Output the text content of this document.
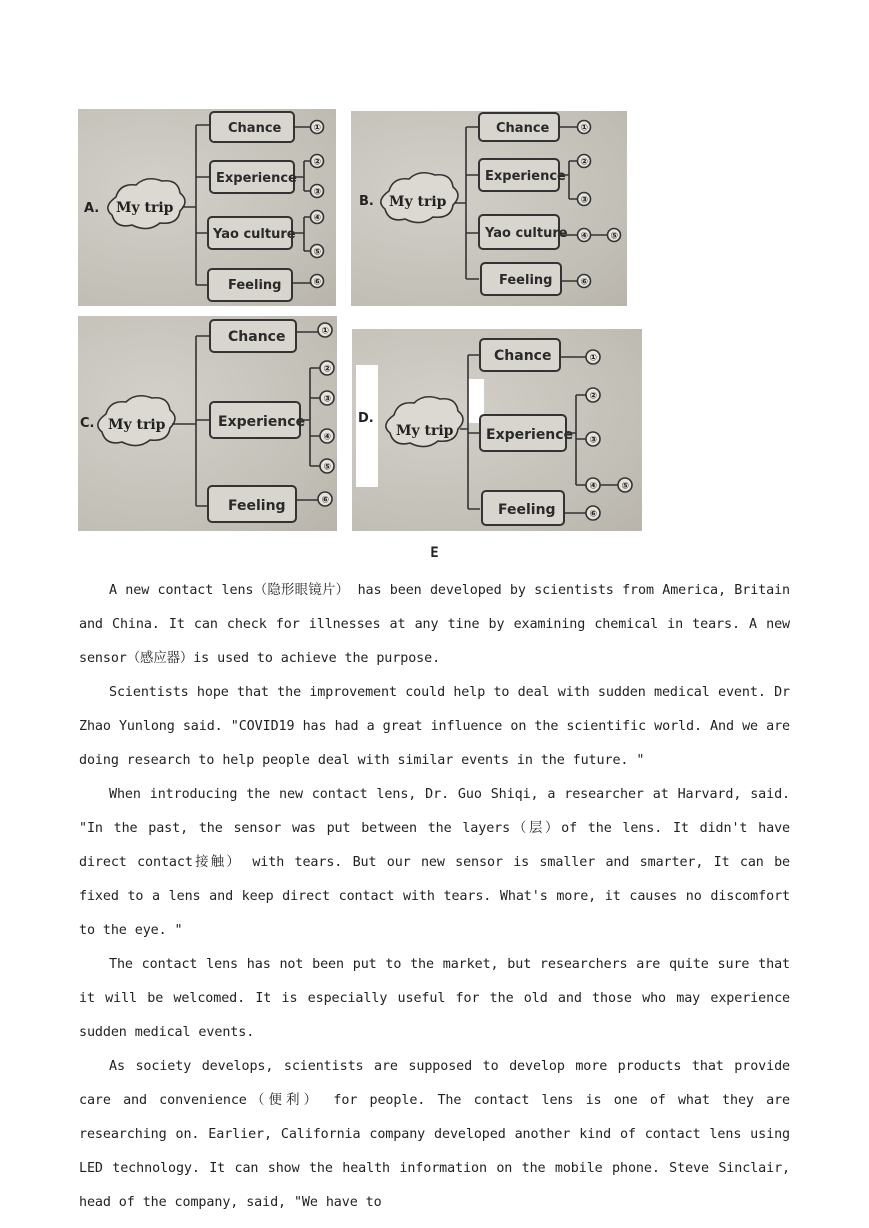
A. My trip
Chance
Experience
Yao culture
Feeling
①
②
③
④
⑤
⑥
B. My trip
Chance
Experience
Yao culture
Feeling
①
②
③
④ ⑤
⑥
C. My trip
Chance
Experience
Feeling
①
②
③
④
⑤
⑥
D.
My trip
Chance
Experience
Feeling
①
②
③
④	⑤
⑥
E

A new contact lens（隐形眼镜片） has been developed by scientists from America, Britain and China. It can check for illnesses at any tine by examining chemical in tears. A new sensor（感应器）is used to achieve the purpose.

Scientists hope that the improvement could help to deal with sudden medical event. Dr Zhao Yunlong said. "COVID19 has had a great influence on the scientific world. And we are doing research to help people deal with similar events in the future. "

When introducing the new contact lens, Dr. Guo Shiqi, a researcher at Harvard, said. "In the past, the sensor was put between the layers（层）of the lens. It didn't have direct contact接触） with tears. But our new sensor is smaller and smarter, It can be fixed to a lens and keep direct contact with tears. What's more, it causes no discomfort to the eye. "

The contact lens has not been put to the market, but researchers are quite sure that it will be welcomed. It is especially useful for the old and those who may experience sudden medical events.

As society develops, scientists are supposed to develop more products that provide care and convenience（便利） for people. The contact lens is one of what they are researching on. Earlier, California company developed another kind of contact lens using LED technology. It can show the health information on the mobile phone. Steve Sinclair, head of the company, said, "We have to
